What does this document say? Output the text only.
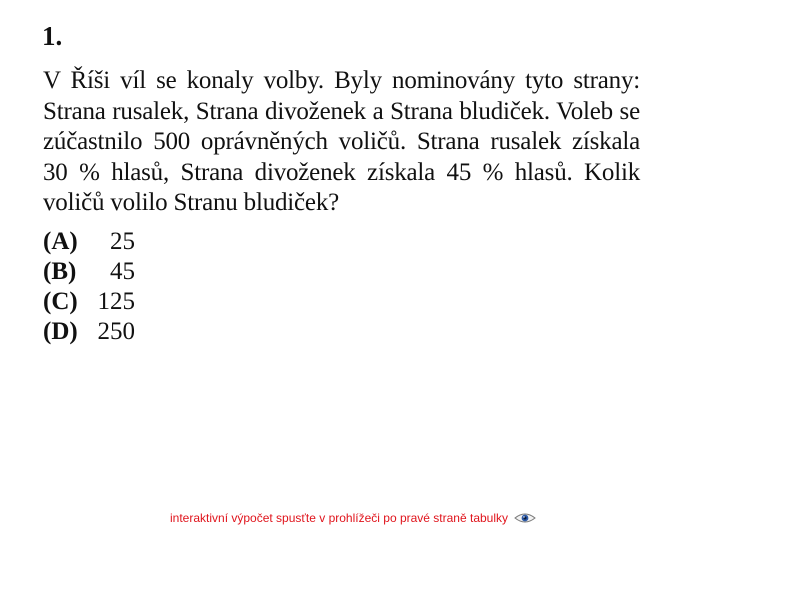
1.

V Říši víl se konaly volby. Byly nominovány tyto strany: Strana rusalek, Strana divoženek a Strana bludiček. Voleb se zúčastnilo 500 oprávněných voličů. Strana rusalek získala 30 % hlasů, Strana divoženek získala 45 % hlasů. Kolik voličů volilo Stranu bludiček?

(A)	25
(B)	45
(C) 125
(D) 250
interaktivní výpočet spusťte v prohlížeči po pravé straně tabulky
